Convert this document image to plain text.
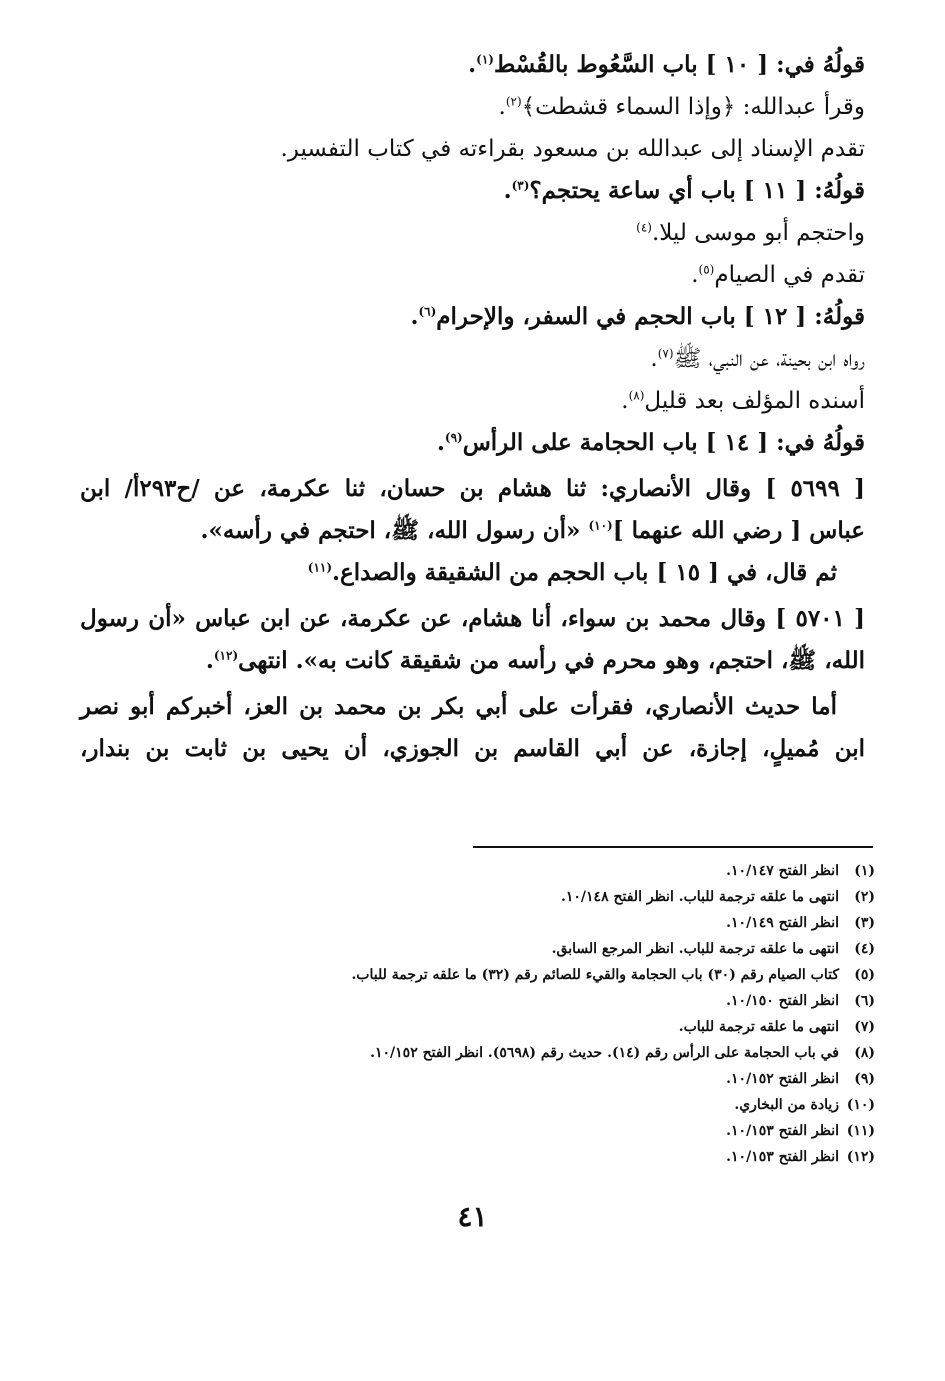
قولُهُ في: [ ١٠ ] باب السَّعُوط بالقُسْط$^{(١)}$.
وقرأ عبدالله: ﴿وإذا السماء قشطت﴾$^{(٢)}$.
تقدم الإسناد إلى عبدالله بن مسعود بقراءته في كتاب التفسير.
قولُهُ: [ ١١ ] باب أي ساعة يحتجم؟$^{(٣)}$.
واحتجم أبو موسى ليلا.$^{(٤)}$
تقدم في الصيام$^{(٥)}$.
قولُهُ: [ ١٢ ] باب الحجم في السفر، والإحرام$^{(٦)}$.
رواه ابن بحينة، عن النبي، ﷺ$^{(٧)}$.
أسنده المؤلف بعد قليل$^{(٨)}$.
قولُهُ في: [ ١٤ ] باب الحجامة على الرأس$^{(٩)}$.
[ ٥٦٩٩ ] وقال الأنصاري: ثنا هشام بن حسان، ثنا عكرمة، عن /ح٢٩٣أ/ ابن
عباس [ رضي الله عنهما ]$^{(١٠)}$ «أن رسول الله، ﷺ، احتجم في رأسه».
ثم قال، في [ ١٥ ] باب الحجم من الشقيقة والصداع.$^{(١١)}$
[ ٥٧٠١ ] وقال محمد بن سواء، أنا هشام، عن عكرمة، عن ابن عباس «أن رسول
الله، ﷺ، احتجم، وهو محرم في رأسه من شقيقة كانت به». انتهى$^{(١٢)}$.
أما حديث الأنصاري، فقرأت على أبي بكر بن محمد بن العز، أخبركم أبو نصر
ابن مُميلٍ، إجازة، عن أبي القاسم بن الجوزي، أن يحيى بن ثابت بن بندار،
(١)انظر الفتح ١٠/١٤٧.
(٢)انتهى ما علقه ترجمة للباب. انظر الفتح ١٠/١٤٨.
(٣)انظر الفتح ١٠/١٤٩.
(٤)انتهى ما علقه ترجمة للباب. انظر المرجع السابق.
(٥)كتاب الصيام رقم (٣٠) باب الحجامة والقيء للصائم رقم (٣٢) ما علقه ترجمة للباب.
(٦)انظر الفتح ١٠/١٥٠.
(٧)انتهى ما علقه ترجمة للباب.
(٨)في باب الحجامة على الرأس رقم (١٤). حديث رقم (٥٦٩٨). انظر الفتح ١٠/١٥٢.
(٩)انظر الفتح ١٠/١٥٢.
(١٠)زيادة من البخاري.
(١١)انظر الفتح ١٠/١٥٣.
(١٢)انظر الفتح ١٠/١٥٣.
٤١
